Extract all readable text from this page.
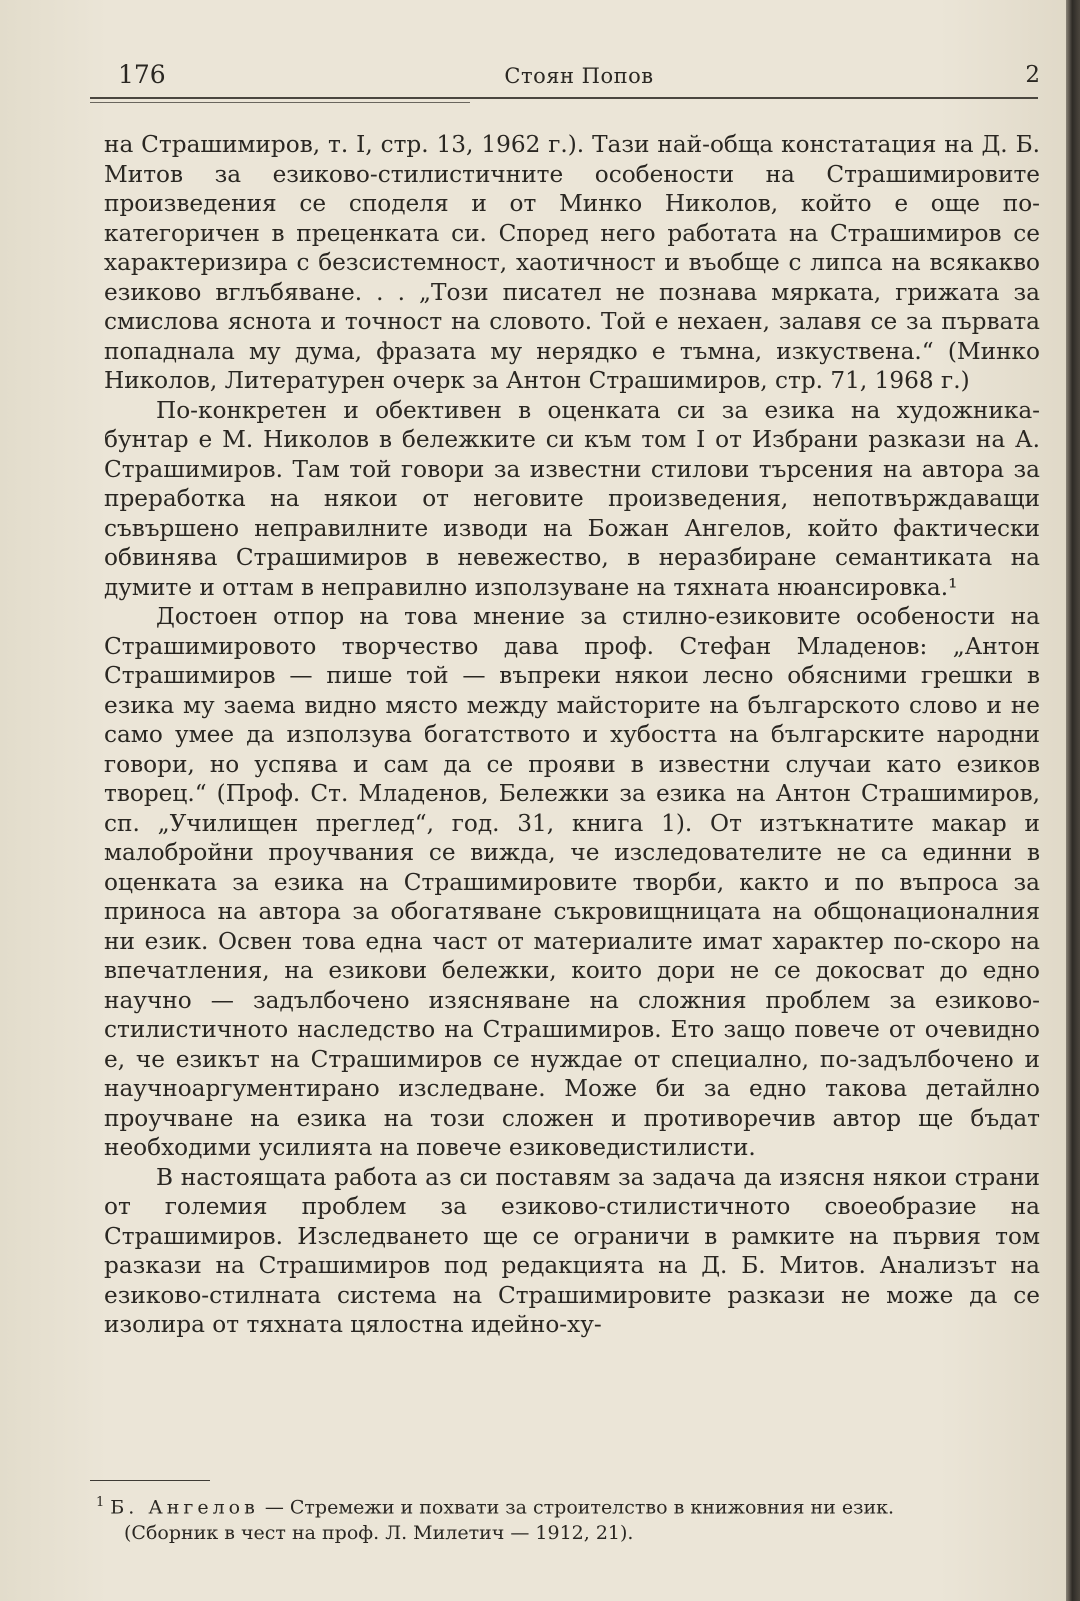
176	Стоян Попов	2

на Страшимиров, т. I, стр. 13, 1962 г.). Тази най-обща констатация на Д. Б. Митов за езиково-стилистичните особености на Страшимировите произведения се споделя и от Минко Николов, който е още по-категоричен в преценката си. Според него работата на Страшимиров се характеризира с безсистемност, хаотичност и въобще с липса на всякакво езиково вглъбяване. . . „Този писател не познава мярката, грижата за смислова яснота и точност на словото. Той е нехаен, залавя се за първата попаднала му дума, фразата му нерядко е тъмна, изкуствена.“ (Минко Николов, Литературен очерк за Антон Страшимиров, стр. 71, 1968 г.)

По-конкретен и обективен в оценката си за езика на художника-бунтар е М. Николов в бележките си към том I от Избрани разкази на А. Страшимиров. Там той говори за известни стилови търсения на автора за преработка на някои от неговите произведения, непотвърждаващи съвършено неправилните изводи на Божан Ангелов, който фактически обвинява Страшимиров в невежество, в неразбиране семантиката на думите и оттам в неправилно използуване на тяхната нюансировка.¹

Достоен отпор на това мнение за стилно-езиковите особености на Страшимировото творчество дава проф. Стефан Младенов: „Антон Страшимиров — пише той — въпреки някои лесно обясними грешки в езика му заема видно място между майсторите на българското слово и не само умее да използува богатството и хубостта на българските народни говори, но успява и сам да се прояви в известни случаи като езиков творец.“ (Проф. Ст. Младенов, Бележки за езика на Антон Страшимиров, сп. „Училищен преглед“, год. 31, книга 1). От изтъкнатите макар и малобройни проучвания се вижда, че изследователите не са единни в оценката за езика на Страшимировите творби, както и по въпроса за приноса на автора за обогатяване съкровищницата на общонационалния ни език. Освен това една част от материалите имат характер по-скоро на впечатления, на езикови бележки, които дори не се докосват до едно научно — задълбочено изясняване на сложния проблем за езиково-стилистичното наследство на Страшимиров. Ето защо повече от очевидно е, че езикът на Страшимиров се нуждае от специално, по-задълбочено и научноаргументирано изследване. Може би за едно такова детайлно проучване на езика на този сложен и противоречив автор ще бъдат необходими усилията на повече езиковедистилисти.

В настоящата работа аз си поставям за задача да изясня някои страни от големия проблем за езиково-стилистичното своеобразие на Страшимиров. Изследването ще се ограничи в рамките на първия том разкази на Страшимиров под редакцията на Д. Б. Митов. Анализът на езиково-стилната система на Страшимировите разкази не може да се изолира от тяхната цялостна идейно-ху-

$^1$ Б. Ангелов — Стремежи и похвати за строителство в книжовния ни език.
(Сборник в чест на проф. Л. Милетич — 1912, 21).
